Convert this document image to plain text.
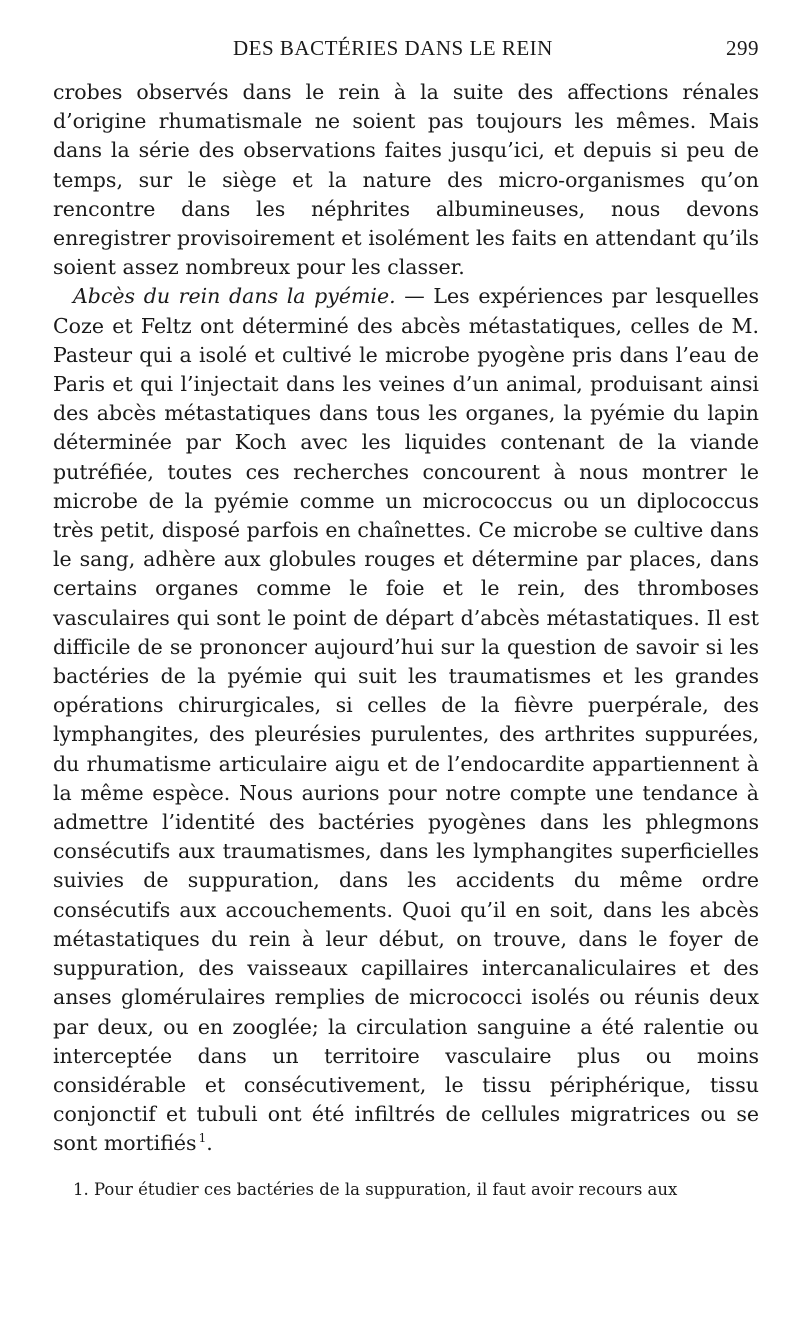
DES BACTÉRIES DANS LE REIN	299

crobes observés dans le rein à la suite des affections rénales d’origine rhumatismale ne soient pas toujours les mêmes. Mais dans la série des observations faites jusqu’ici, et depuis si peu de temps, sur le siège et la nature des micro-organismes qu’on rencontre dans les néphrites albumineuses, nous devons enregistrer provisoirement et isolément les faits en attendant qu’ils soient assez nombreux pour les classer.

Abcès du rein dans la pyémie. — Les expériences par lesquelles Coze et Feltz ont déterminé des abcès métastatiques, celles de M. Pasteur qui a isolé et cultivé le microbe pyogène pris dans l’eau de Paris et qui l’injectait dans les veines d’un animal, produisant ainsi des abcès métastatiques dans tous les organes, la pyémie du lapin déterminée par Koch avec les liquides contenant de la viande putréfiée, toutes ces recherches concourent à nous montrer le microbe de la pyémie comme un micrococcus ou un diplococcus très petit, disposé parfois en chaînettes. Ce microbe se cultive dans le sang, adhère aux globules rouges et détermine par places, dans certains organes comme le foie et le rein, des thromboses vasculaires qui sont le point de départ d’abcès métastatiques. Il est difficile de se prononcer aujourd’hui sur la question de savoir si les bactéries de la pyémie qui suit les traumatismes et les grandes opérations chirurgicales, si celles de la fièvre puerpérale, des lymphangites, des pleurésies purulentes, des arthrites suppurées, du rhumatisme articulaire aigu et de l’endocardite appartiennent à la même espèce. Nous aurions pour notre compte une tendance à admettre l’identité des bactéries pyogènes dans les phlegmons consécutifs aux traumatismes, dans les lymphangites superficielles suivies de suppuration, dans les accidents du même ordre consécutifs aux accouchements. Quoi qu’il en soit, dans les abcès métastatiques du rein à leur début, on trouve, dans le foyer de suppuration, des vaisseaux capillaires intercanaliculaires et des anses glomérulaires remplies de micrococci isolés ou réunis deux par deux, ou en zooglée; la circulation sanguine a été ralentie ou interceptée dans un territoire vasculaire plus ou moins considérable et consécutivement, le tissu périphérique, tissu conjonctif et tubuli ont été infiltrés de cellules migratrices ou se sont mortifiés  $^1$.

1. Pour étudier ces bactéries de la suppuration, il faut avoir recours aux
